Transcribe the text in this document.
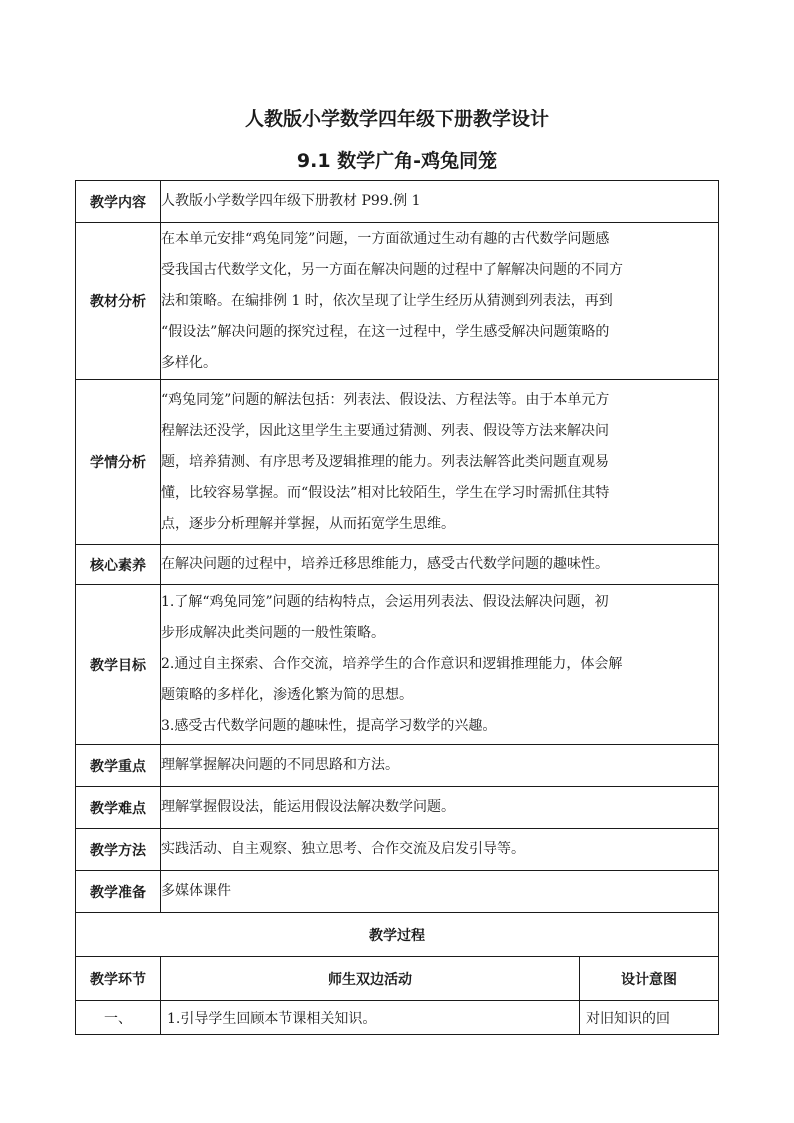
人教版小学数学四年级下册教学设计
9.1 数学广角-鸡兔同笼
教学内容	人教版小学数学四年级下册教材 P99.例 1	

教材分析	在本单元安排“鸡兔同笼”问题，一方面欲通过生动有趣的古代数学问题感
受我国古代数学文化，另一方面在解决问题的过程中了解解决问题的不同方
法和策略。在编排例 1 时，依次呈现了让学生经历从猜测到列表法，再到
“假设法”解决问题的探究过程，在这一过程中，学生感受解决问题策略的
多样化。	

学情分析	“鸡兔同笼”问题的解法包括：列表法、假设法、方程法等。由于本单元方
程解法还没学，因此这里学生主要通过猜测、列表、假设等方法来解决问
题，培养猜测、有序思考及逻辑推理的能力。列表法解答此类问题直观易
懂，比较容易掌握。而“假设法”相对比较陌生，学生在学习时需抓住其特
点，逐步分析理解并掌握，从而拓宽学生思维。	

核心素养	在解决问题的过程中，培养迁移思维能力，感受古代数学问题的趣味性。	

教学目标	1.了解“鸡兔同笼”问题的结构特点，会运用列表法、假设法解决问题，初
步形成解决此类问题的一般性策略。
2.通过自主探索、合作交流，培养学生的合作意识和逻辑推理能力，体会解
题策略的多样化，渗透化繁为简的思想。
3.感受古代数学问题的趣味性，提高学习数学的兴趣。	

教学重点	理解掌握解决问题的不同思路和方法。	

教学难点	理解掌握假设法，能运用假设法解决数学问题。	

教学方法	实践活动、自主观察、独立思考、合作交流及启发引导等。	

教学准备	多媒体课件	

教学过程		
教学环节	师生双边活动	设计意图
一、	1.引导学生回顾本节课相关知识。	对旧知识的回
